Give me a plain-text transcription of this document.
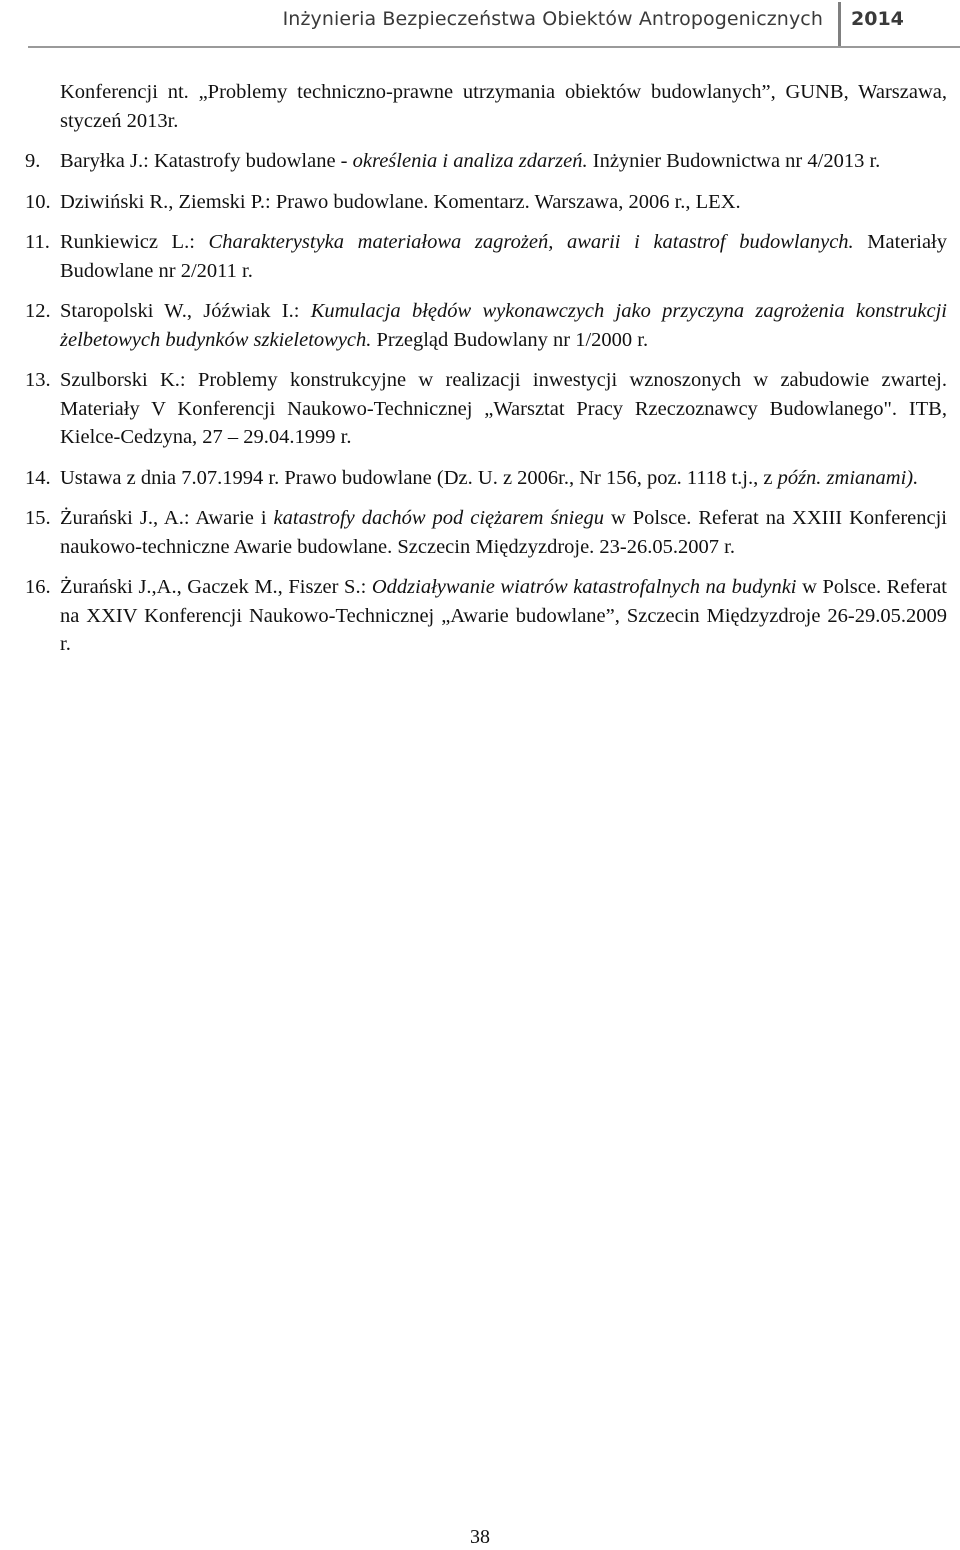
Inżynieria Bezpieczeństwa Obiektów Antropogenicznych 2014
Konferencji nt. „Problemy techniczno-prawne utrzymania obiektów budowlanych”, GUNB, Warszawa, styczeń 2013r.
9. Baryłka J.: Katastrofy budowlane - określenia i analiza zdarzeń. Inżynier Budownictwa nr 4/2013 r.
10. Dziwiński R., Ziemski P.: Prawo budowlane. Komentarz. Warszawa, 2006 r., LEX.
11. Runkiewicz L.: Charakterystyka materiałowa zagrożeń, awarii i katastrof budowlanych. Materiały Budowlane nr 2/2011 r.
12. Staropolski W., Jóźwiak I.: Kumulacja błędów wykonawczych jako przyczyna zagrożenia konstrukcji żelbetowych budynków szkieletowych. Przegląd Budowlany nr 1/2000 r.
13. Szulborski K.: Problemy konstrukcyjne w realizacji inwestycji wznoszonych w zabudowie zwartej. Materiały V Konferencji Naukowo-Technicznej „Warsztat Pracy Rzeczoznawcy Budowlanego". ITB, Kielce-Cedzyna, 27 – 29.04.1999 r.
14. Ustawa z dnia 7.07.1994 r. Prawo budowlane (Dz. U. z 2006r., Nr 156, poz. 1118 t.j., z późn. zmianami).
15. Żurański J., A.: Awarie i katastrofy dachów pod ciężarem śniegu w Polsce. Referat na XXIII Konferencji naukowo-techniczne Awarie budowlane. Szczecin Międzyzdroje. 23-26.05.2007 r.
16. Żurański J.,A., Gaczek M., Fiszer S.: Oddziaływanie wiatrów katastrofalnych na budynki w Polsce. Referat na XXIV Konferencji Naukowo-Technicznej „Awarie budowlane”, Szczecin Międzyzdroje 26-29.05.2009 r.
38
